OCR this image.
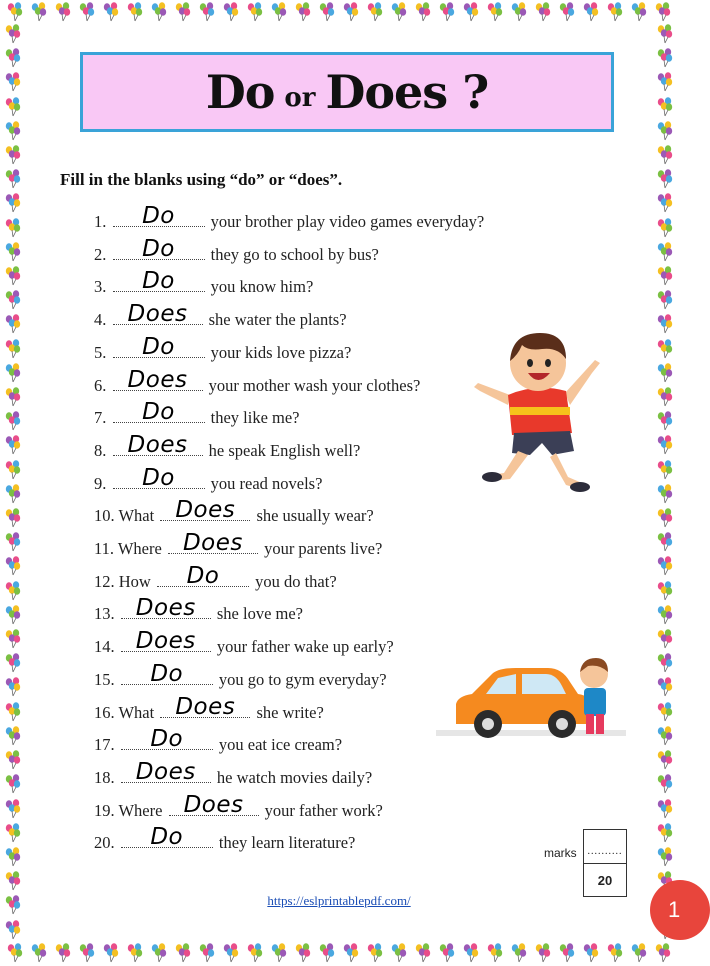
Do or Does ?
Fill in the blanks using “do” or “does”.
1.	Do	your brother play video games everyday?
2.	Do	they go to school by bus?
3.	Do	you know him?
4. Does	she water the plants?
5.	Do	your kids love pizza?
6. Does	your mother wash your clothes?
7.	Do	they like me?
8. Does	he speak English well?
9.	Do	you read novels?
10. What Does	she usually wear?
11. Where Does	your parents live?
12. How	Do	you do that?
13. Does	she love me?
14. Does	your father wake up early?
15.	Do	you go to gym everyday?
16. What Does	she write?
17.	Do	you eat ice cream?
18. Does	he watch movies daily?
19. Where Does	your father work?
20.	Do	they learn literature?
marks	..........
20
https://eslprintablepdf.com/	1
